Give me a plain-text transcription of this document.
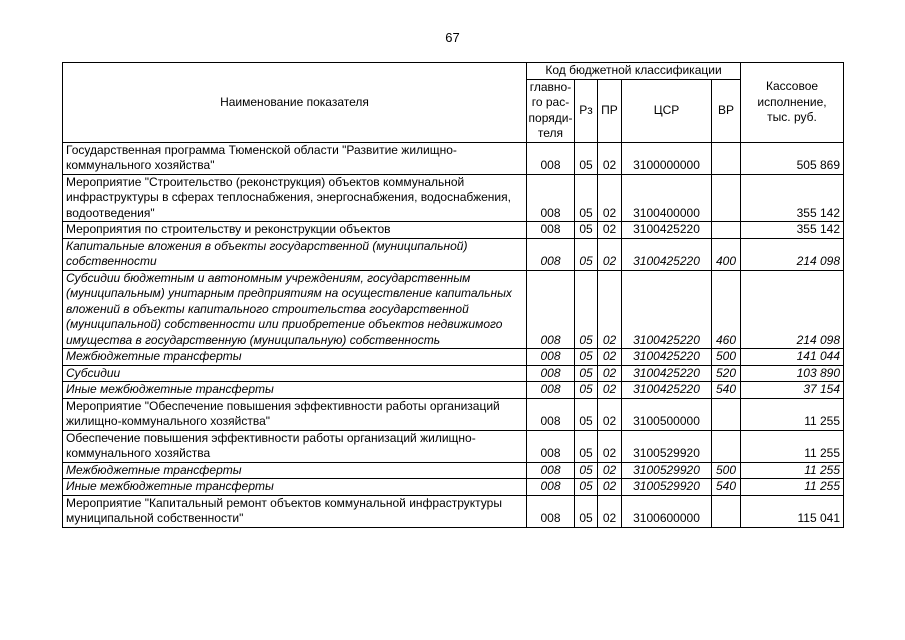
67
Наименование показателя	Код бюджетной классификации					Кассовое исполнение, тыс. руб.
	главно-го рас-поряди-теля	Рз	ПР	ЦСР	ВР	
Государственная программа Тюменской области "Развитие жилищно-коммунального хозяйства"	008	05	02	3100000000		505 869
Мероприятие "Строительство (реконструкция) объектов коммунальной инфраструктуры в сферах теплоснабжения, энергоснабжения, водоснабжения, водоотведения"	008	05	02	3100400000		355 142
Мероприятия по строительству и реконструкции объектов	008	05	02	3100425220		355 142
Капитальные вложения в объекты государственной (муниципальной) собственности	008	05	02	3100425220	400	214 098
Субсидии бюджетным и автономным учреждениям, государственным (муниципальным) унитарным предприятиям на осуществление капитальных вложений в объекты капитального строительства государственной (муниципальной) собственности или приобретение объектов недвижимого имущества в государственную (муниципальную) собственность	008	05	02	3100425220	460	214 098
Межбюджетные трансферты	008	05	02	3100425220	500	141 044
Субсидии	008	05	02	3100425220	520	103 890
Иные межбюджетные трансферты	008	05	02	3100425220	540	37 154
Мероприятие "Обеспечение повышения эффективности работы организаций жилищно-коммунального хозяйства"	008	05	02	3100500000		11 255
Обеспечение повышения эффективности работы организаций жилищно-коммунального хозяйства	008	05	02	3100529920		11 255
Межбюджетные трансферты	008	05	02	3100529920	500	11 255
Иные межбюджетные трансферты	008	05	02	3100529920	540	11 255
Мероприятие "Капитальный ремонт объектов коммунальной инфраструктуры муниципальной собственности"	008	05	02	3100600000		115 041
